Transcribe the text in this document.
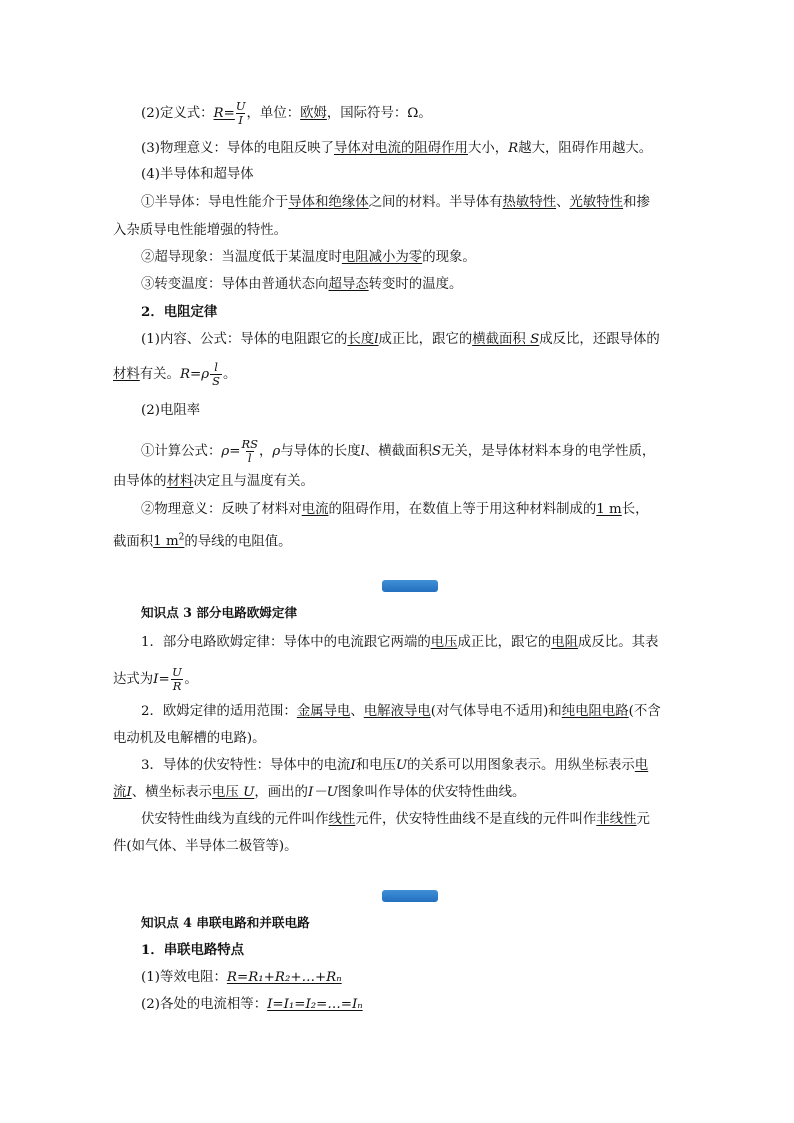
(2)定义式：$R= \frac{U}{I}$ ，单位：欧姆，国际符号：Ω。
(3)物理意义：导体的电阻反映了导体对电流的阻碍作用大小，R越大，阻碍作用越大。
(4)半导体和超导体
①半导体：导电性能介于导体和绝缘体之间的材料。半导体有热敏特性、光敏特性和掺
入杂质导电性能增强的特性。
②超导现象：当温度低于某温度时电阻减小为零的现象。
③转变温度：导体由普通状态向超导态转变时的温度。
2．电阻定律
(1)内容、公式：导体的电阻跟它的长度l成正比，跟它的横截面积 S成反比，还跟导体的
材料有关。$R=\rho \frac{l}{S}$ 。
(2)电阻率
①计算公式：$\rho= \frac{RS}{l}$ ，ρ与导体的长度l、横截面积S无关，是导体材料本身的电学性质，
由导体的材料决定且与温度有关。
②物理意义：反映了材料对电流的阻碍作用，在数值上等于用这种材料制成的1 m长，
截面积1 $m^2$的导线的电阻值。
知识点 3 部分电路欧姆定律
1．部分电路欧姆定律：导体中的电流跟它两端的电压成正比，跟它的电阻成反比。其表
达式为$I= \frac{U}{R}$ 。
2．欧姆定律的适用范围：金属导电、电解液导电(对气体导电不适用)和纯电阻电路(不含
电动机及电解槽的电路)。
3．导体的伏安特性：导体中的电流I和电压U的关系可以用图象表示。用纵坐标表示电
流I、横坐标表示电压 U，画出的I－U图象叫作导体的伏安特性曲线。
伏安特性曲线为直线的元件叫作线性元件，伏安特性曲线不是直线的元件叫作非线性元
件(如气体、半导体二极管等)。
知识点 4 串联电路和并联电路
1．串联电路特点
(1)等效电阻：R=R₁+R₂+…+Rₙ
(2)各处的电流相等：I=I₁=I₂=…=Iₙ
